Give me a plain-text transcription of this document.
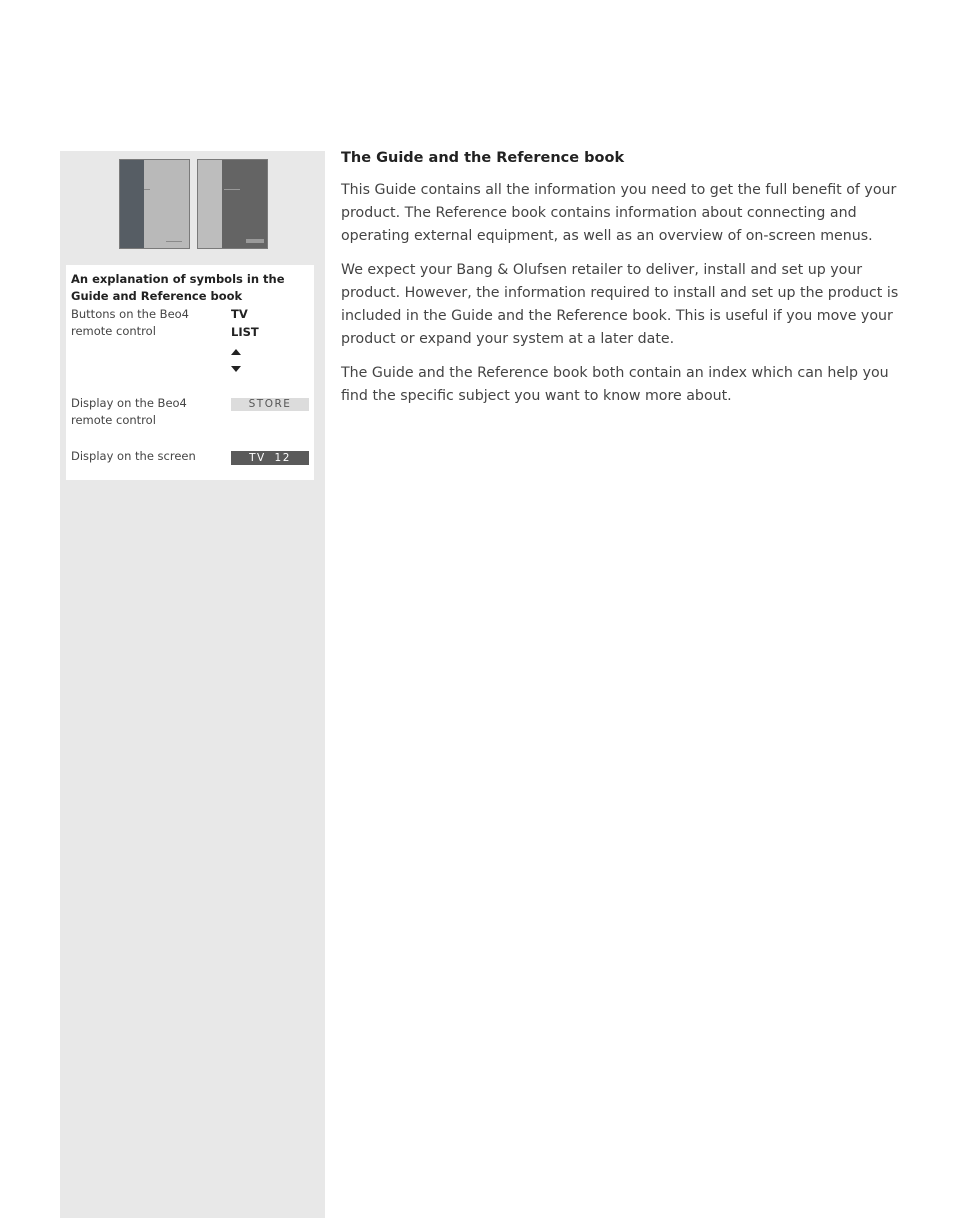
An explanation of symbols in the Guide and Reference book
Buttons on the Beo4 remote control
TV
LIST
Display on the Beo4 remote control
STORE
Display on the screen	TV 12
The Guide and the Reference book

This Guide contains all the information you need to get the full benefit of your product. The Reference book contains information about connecting and operating external equipment, as well as an overview of on-screen menus.

We expect your Bang & Olufsen retailer to deliver, install and set up your product. However, the information required to install and set up the product is included in the Guide and the Reference book. This is useful if you move your product or expand your system at a later date.

The Guide and the Reference book both contain an index which can help you find the specific subject you want to know more about.
